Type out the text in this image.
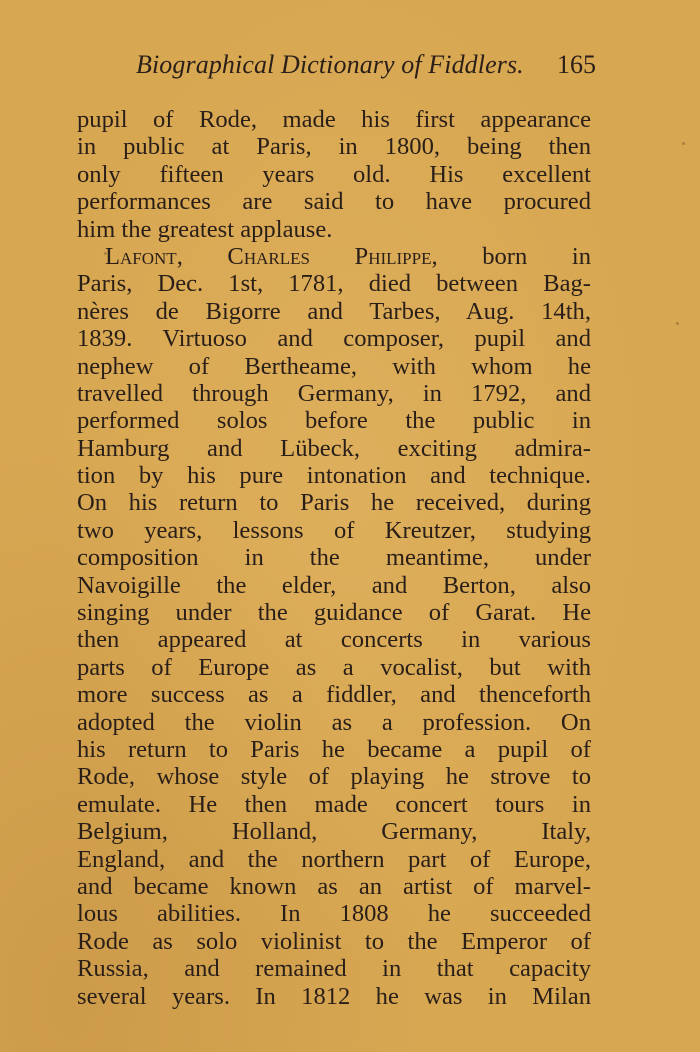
Biographical Dictionary of Fiddlers. 165
pupil of Rode, made his first appearance
in public at Paris, in 1800, being then
only fifteen years old. His excellent
performances are said to have procured
him the greatest applause.
Lafont, Charles Philippe, born in
Paris, Dec. 1st, 1781, died between Bag-
nères de Bigorre and Tarbes, Aug. 14th,
1839. Virtuoso and composer, pupil and
nephew of Bertheame, with whom he
travelled through Germany, in 1792, and
performed solos before the public in
Hamburg and Lübeck, exciting admira-
tion by his pure intonation and technique.
On his return to Paris he received, during
two years, lessons of Kreutzer, studying
composition in the meantime, under
Navoigille the elder, and Berton, also
singing under the guidance of Garat. He
then appeared at concerts in various
parts of Europe as a vocalist, but with
more success as a fiddler, and thenceforth
adopted the violin as a profession. On
his return to Paris he became a pupil of
Rode, whose style of playing he strove to
emulate. He then made concert tours in
Belgium, Holland, Germany, Italy,
England, and the northern part of Europe,
and became known as an artist of marvel-
lous abilities. In 1808 he succeeded
Rode as solo violinist to the Emperor of
Russia, and remained in that capacity
several years. In 1812 he was in Milan
